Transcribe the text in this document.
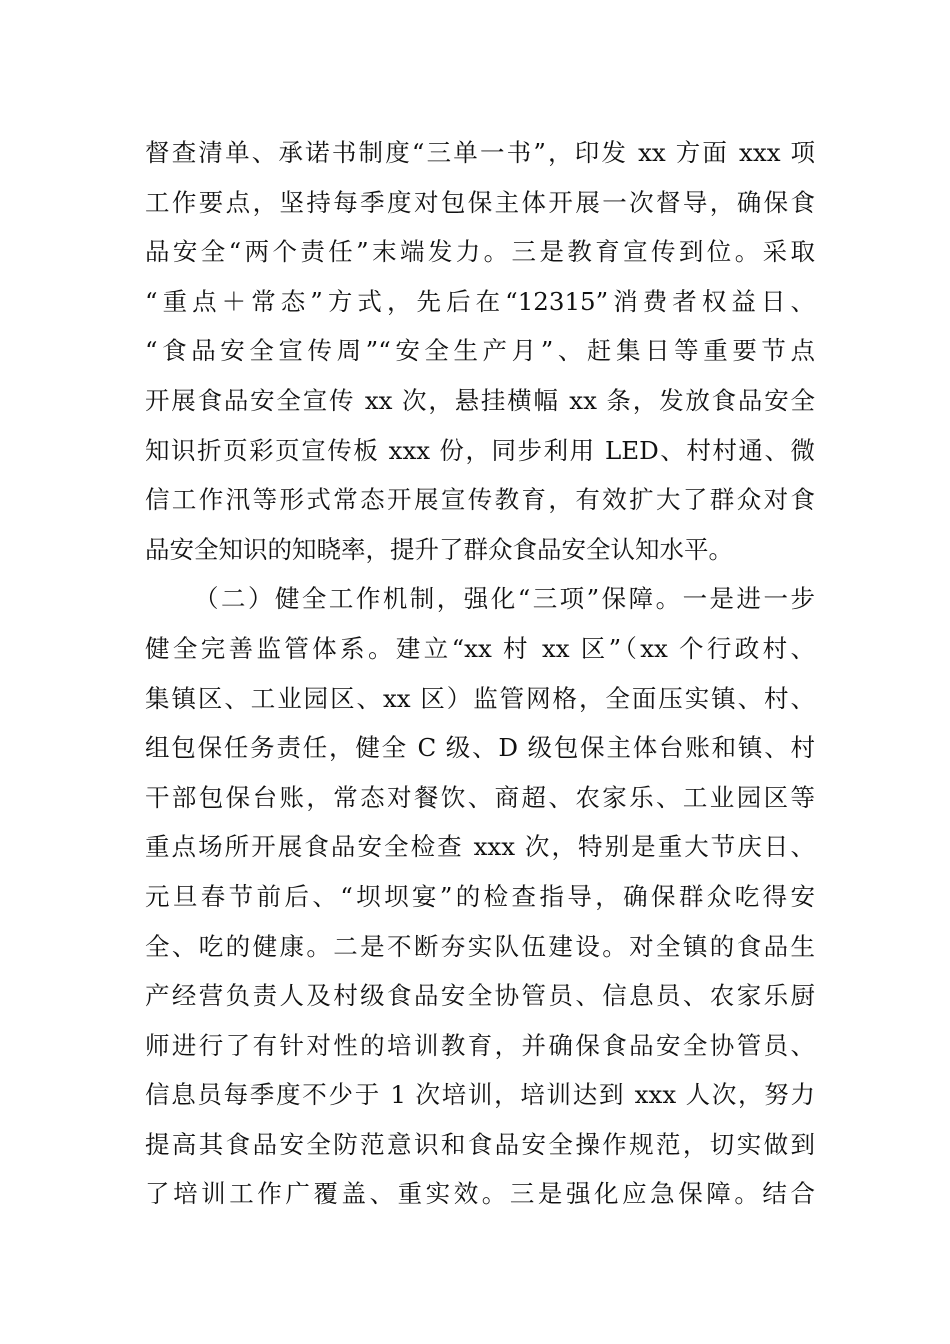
督查清单、承诺书制度“三单一书”，印发 xx 方面 xxx 项
工作要点，坚持每季度对包保主体开展一次督导，确保食
品安全“两个责任”末端发力。三是教育宣传到位。采取
“重点＋常态”方式，先后在“12315”消费者权益日、
“食品安全宣传周”“安全生产月”、赶集日等重要节点
开展食品安全宣传 xx 次，悬挂横幅 xx 条，发放食品安全
知识折页彩页宣传板 xxx 份，同步利用 LED、村村通、微
信工作汛等形式常态开展宣传教育，有效扩大了群众对食
品安全知识的知晓率，提升了群众食品安全认知水平。
（二）健全工作机制，强化“三项”保障。一是进一步
健全完善监管体系。建立“xx 村 xx 区”（xx 个行政村、
集镇区、工业园区、xx 区）监管网格，全面压实镇、村、
组包保任务责任，健全 C 级、D 级包保主体台账和镇、村
干部包保台账，常态对餐饮、商超、农家乐、工业园区等
重点场所开展食品安全检查 xxx 次，特别是重大节庆日、
元旦春节前后、“坝坝宴”的检查指导，确保群众吃得安
全、吃的健康。二是不断夯实队伍建设。对全镇的食品生
产经营负责人及村级食品安全协管员、信息员、农家乐厨
师进行了有针对性的培训教育，并确保食品安全协管员、
信息员每季度不少于 1 次培训，培训达到 xxx 人次，努力
提高其食品安全防范意识和食品安全操作规范，切实做到
了培训工作广覆盖、重实效。三是强化应急保障。结合
